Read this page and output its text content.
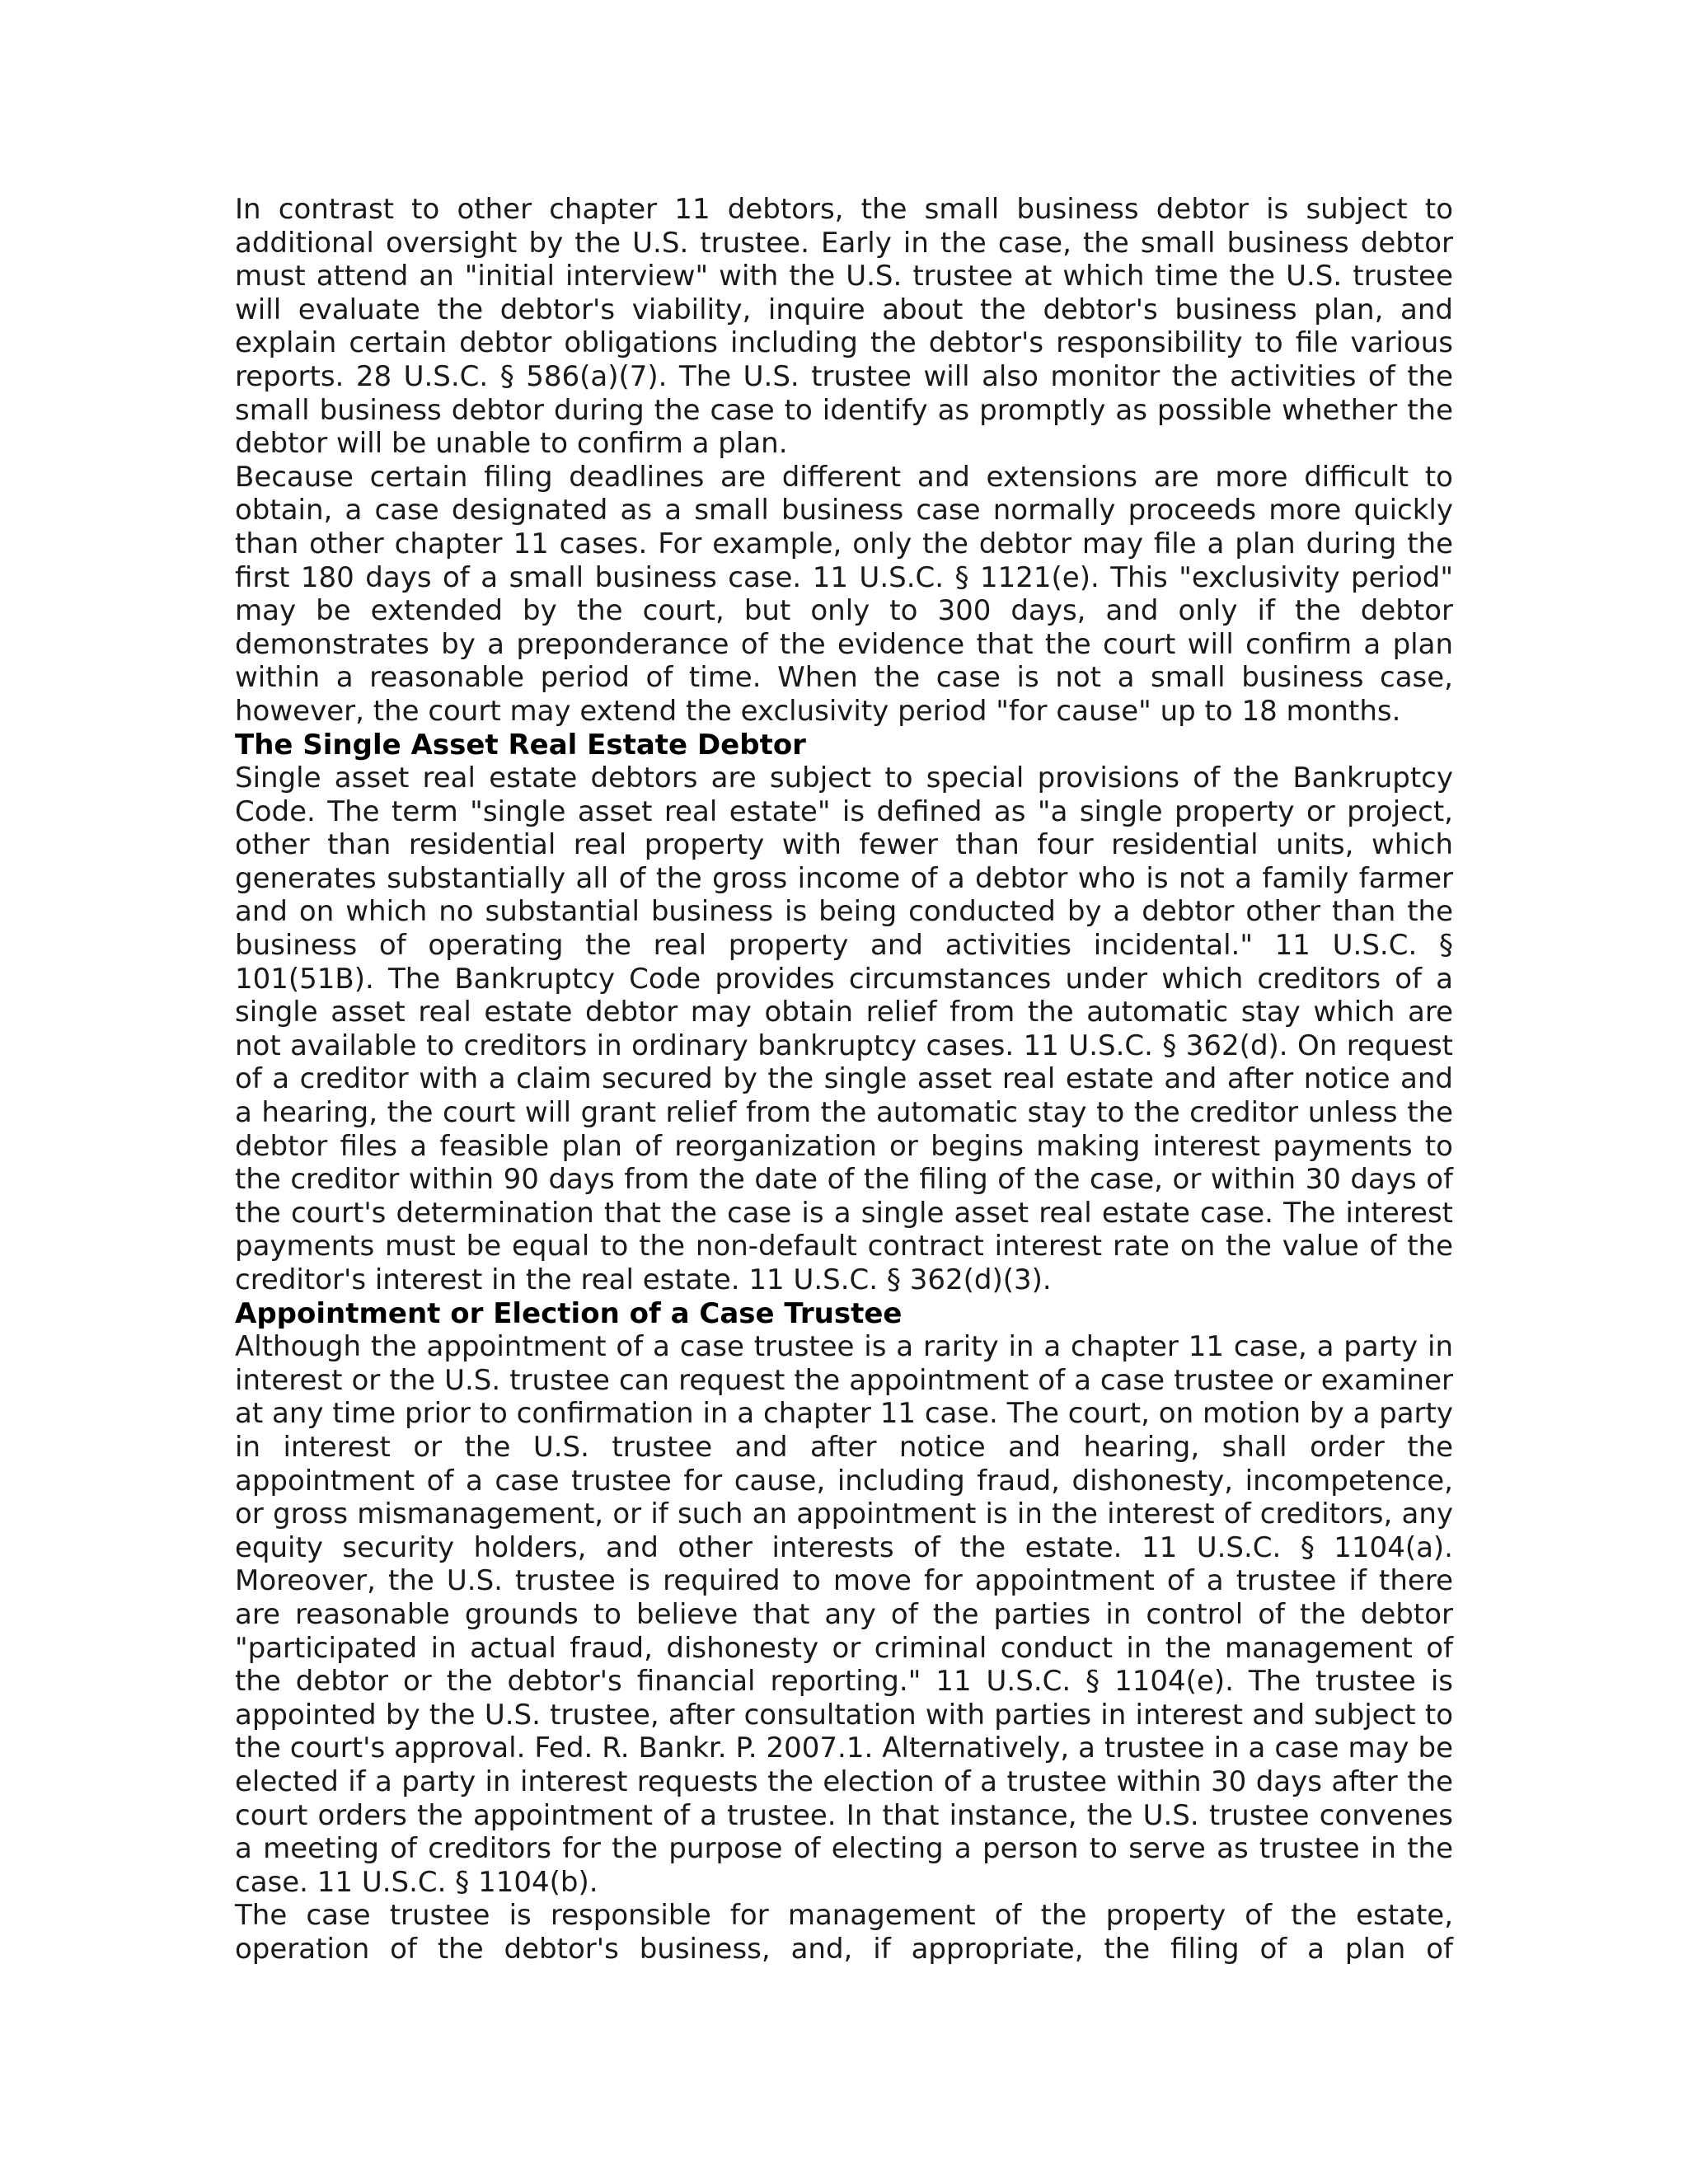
In contrast to other chapter 11 debtors, the small business debtor is subject to additional oversight by the U.S. trustee. Early in the case, the small business debtor must attend an "initial interview" with the U.S. trustee at which time the U.S. trustee will evaluate the debtor's viability, inquire about the debtor's business plan, and explain certain debtor obligations including the debtor's responsibility to file various reports. 28 U.S.C. § 586(a)(7). The U.S. trustee will also monitor the activities of the small business debtor during the case to identify as promptly as possible whether the debtor will be unable to confirm a plan.

Because certain filing deadlines are different and extensions are more difficult to obtain, a case designated as a small business case normally proceeds more quickly than other chapter 11 cases. For example, only the debtor may file a plan during the first 180 days of a small business case. 11 U.S.C. § 1121(e). This "exclusivity period" may be extended by the court, but only to 300 days, and only if the debtor demonstrates by a preponderance of the evidence that the court will confirm a plan within a reasonable period of time. When the case is not a small business case, however, the court may extend the exclusivity period "for cause" up to 18 months.

The Single Asset Real Estate Debtor

Single asset real estate debtors are subject to special provisions of the Bankruptcy Code. The term "single asset real estate" is defined as "a single property or project, other than residential real property with fewer than four residential units, which generates substantially all of the gross income of a debtor who is not a family farmer and on which no substantial business is being conducted by a debtor other than the business of operating the real property and activities incidental." 11 U.S.C. § 101(51B). The Bankruptcy Code provides circumstances under which creditors of a single asset real estate debtor may obtain relief from the automatic stay which are not available to creditors in ordinary bankruptcy cases. 11 U.S.C. § 362(d). On request of a creditor with a claim secured by the single asset real estate and after notice and a hearing, the court will grant relief from the automatic stay to the creditor unless the debtor files a feasible plan of reorganization or begins making interest payments to the creditor within 90 days from the date of the filing of the case, or within 30 days of the court's determination that the case is a single asset real estate case. The interest payments must be equal to the non-default contract interest rate on the value of the creditor's interest in the real estate. 11 U.S.C. § 362(d)(3).

Appointment or Election of a Case Trustee

Although the appointment of a case trustee is a rarity in a chapter 11 case, a party in interest or the U.S. trustee can request the appointment of a case trustee or examiner at any time prior to confirmation in a chapter 11 case. The court, on motion by a party in interest or the U.S. trustee and after notice and hearing, shall order the appointment of a case trustee for cause, including fraud, dishonesty, incompetence, or gross mismanagement, or if such an appointment is in the interest of creditors, any equity security holders, and other interests of the estate. 11 U.S.C. § 1104(a). Moreover, the U.S. trustee is required to move for appointment of a trustee if there are reasonable grounds to believe that any of the parties in control of the debtor "participated in actual fraud, dishonesty or criminal conduct in the management of the debtor or the debtor's financial reporting." 11 U.S.C. § 1104(e). The trustee is appointed by the U.S. trustee, after consultation with parties in interest and subject to the court's approval. Fed. R. Bankr. P. 2007.1. Alternatively, a trustee in a case may be elected if a party in interest requests the election of a trustee within 30 days after the court orders the appointment of a trustee. In that instance, the U.S. trustee convenes a meeting of creditors for the purpose of electing a person to serve as trustee in the case. 11 U.S.C. § 1104(b).

The case trustee is responsible for management of the property of the estate, operation of the debtor's business, and, if appropriate, the filing of a plan of
